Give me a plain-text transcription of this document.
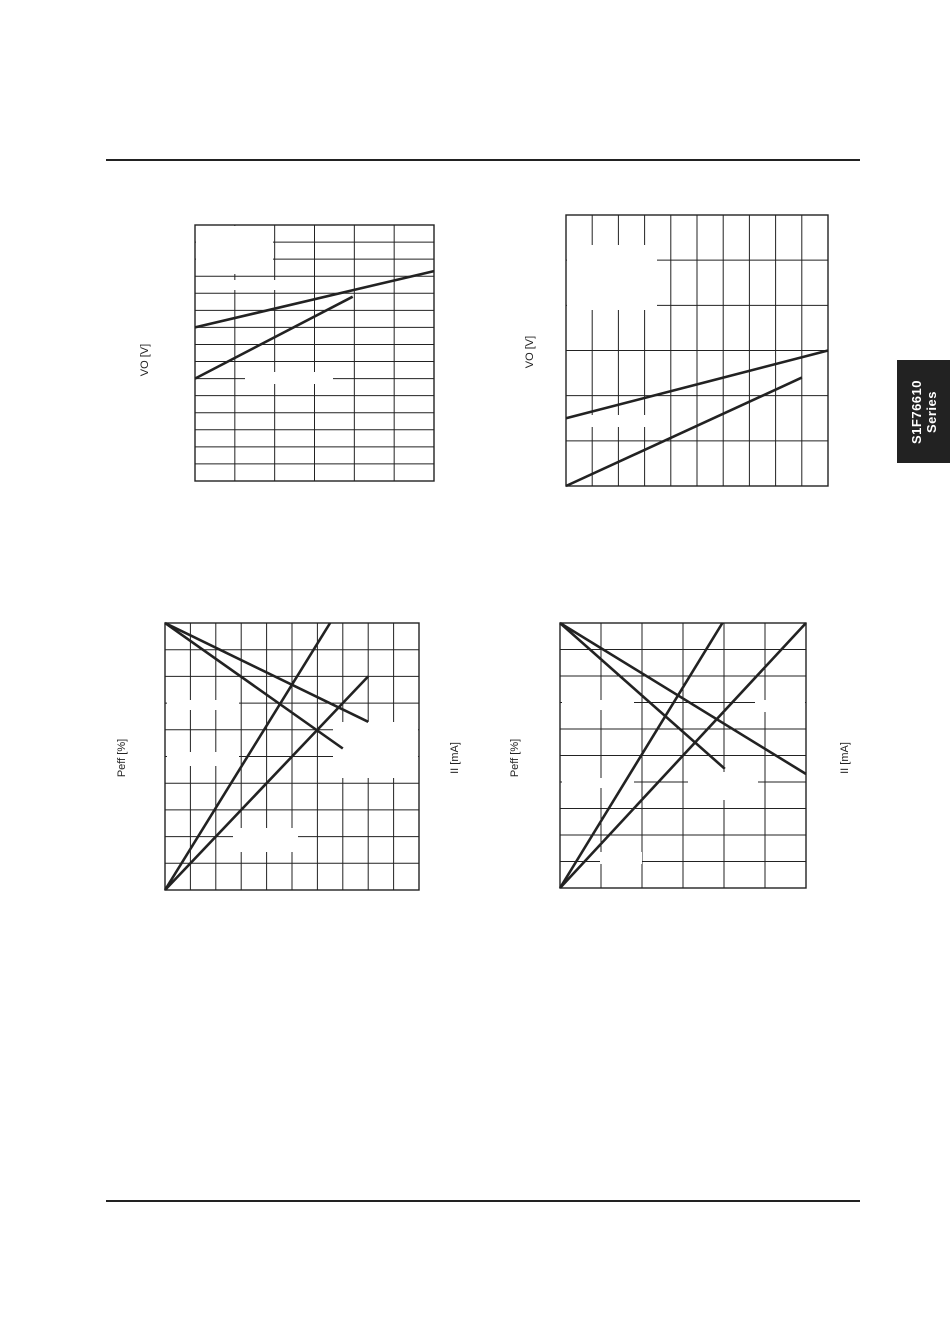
S1F76610 Series
VO [V]	VO [V]
Peff [%]	II [mA]	Peff [%]	II [mA]
